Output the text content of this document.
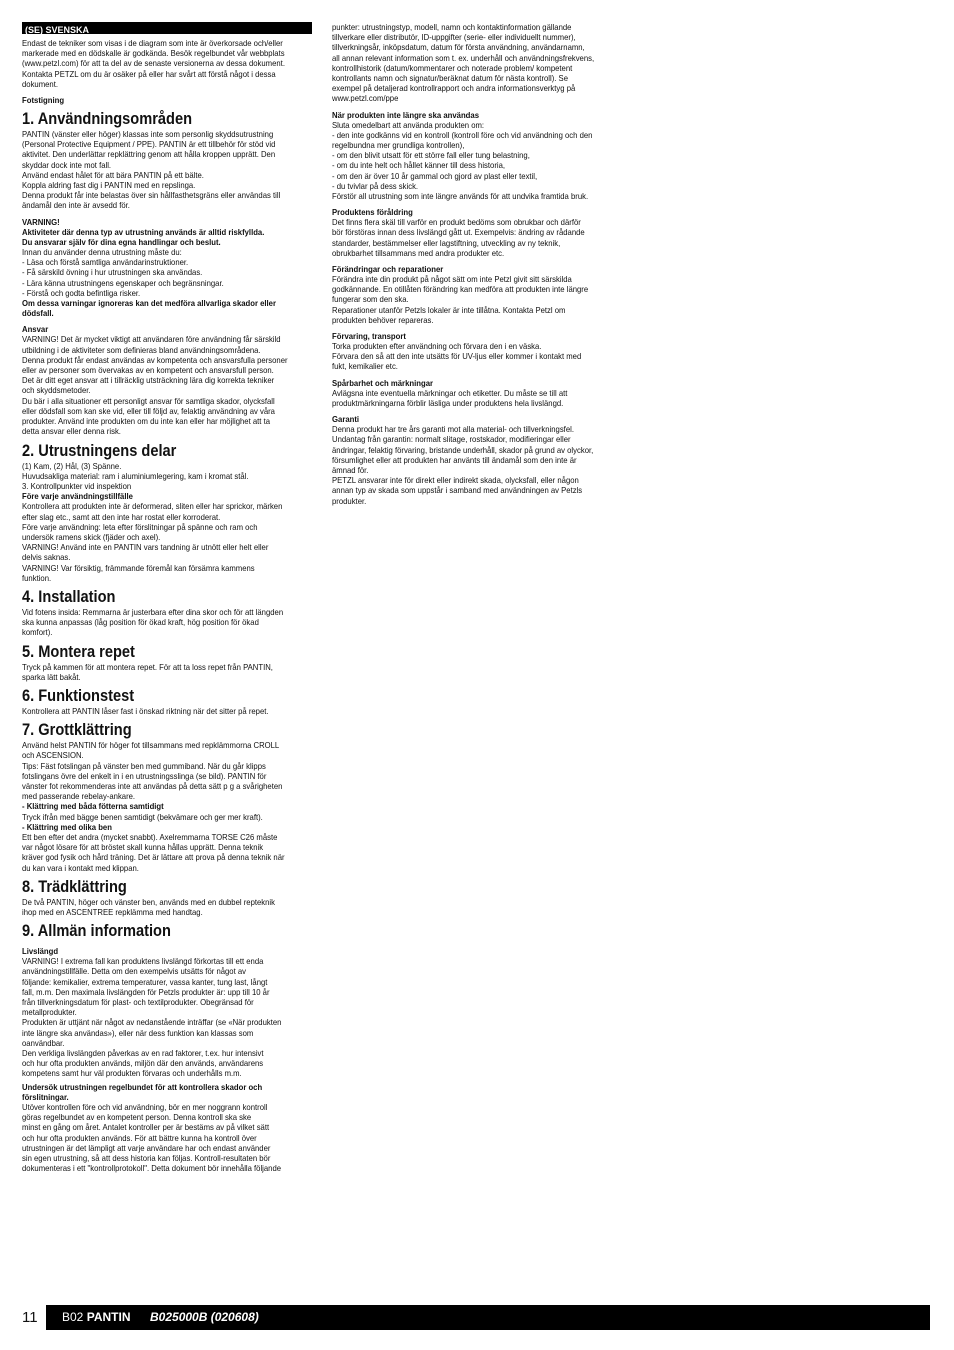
(SE) SVENSKA

Endast de tekniker som visas i de diagram som inte är överkorsade och/eller
markerade med en dödskalle är godkända. Besök regelbundet vår webbplats
(www.petzl.com) för att ta del av de senaste versionerna av dessa dokument.
Kontakta PETZL om du är osäker på eller har svårt att förstå något i dessa
dokument.

Fotstigning
1. Användningsområden

PANTIN (vänster eller höger) klassas inte som personlig skyddsutrustning
(Personal Protective Equipment / PPE). PANTIN är ett tillbehör för stöd vid
aktivitet. Den underlättar repklättring genom att hålla kroppen upprätt. Den
skyddar dock inte mot fall.
Använd endast hålet för att bära PANTIN på ett bälte.
Koppla aldring fast dig i PANTIN med en repslinga.
Denna produkt får inte belastas över sin hållfasthetsgräns eller användas till
ändamål den inte är avsedd för.

VARNING!

Aktiviteter där denna typ av utrustning används är alltid riskfyllda.
Du ansvarar själv för dina egna handlingar och beslut.

Innan du använder denna utrustning måste du:
- Läsa och förstå samtliga användarinstruktioner.
- Få särskild övning i hur utrustningen ska användas.
- Lära känna utrustningens egenskaper och begränsningar.
- Förstå och godta befintliga risker.

Om dessa varningar ignoreras kan det medföra allvarliga skador eller
dödsfall.

Ansvar

VARNING! Det är mycket viktigt att användaren före användning får särskild
utbildning i de aktiviteter som definieras bland användningsområdena.
Denna produkt får endast användas av kompetenta och ansvarsfulla personer
eller av personer som övervakas av en kompetent och ansvarsfull person.
Det är ditt eget ansvar att i tillräcklig utsträckning lära dig korrekta tekniker
och skyddsmetoder.
Du bär i alla situationer ett personligt ansvar för samtliga skador, olycksfall
eller dödsfall som kan ske vid, eller till följd av, felaktig användning av våra
produkter. Använd inte produkten om du inte kan eller har möjlighet att ta
detta ansvar eller denna risk.

2. Utrustningens delar

(1) Kam, (2) Hål, (3) Spänne.
Huvudsakliga material: ram i aluminiumlegering, kam i kromat stål.
3. Kontrollpunkter vid inspektion

Före varje användningstillfälle

Kontrollera att produkten inte är deformerad, sliten eller har sprickor, märken
efter slag etc., samt att den inte har rostat eller korroderat.
Före varje användning: leta efter förslitningar på spänne och ram och
undersök ramens skick (fjäder och axel).
VARNING! Använd inte en PANTIN vars tandning är utnött eller helt eller
delvis saknas.
VARNING! Var försiktig, främmande föremål kan försämra kammens
funktion.

4. Installation

Vid fotens insida: Remmarna är justerbara efter dina skor och för att längden
ska kunna anpassas (låg position för ökad kraft, hög position för ökad
komfort).

5. Montera repet

Tryck på kammen för att montera repet. För att ta loss repet från PANTIN,
sparka lätt bakåt.

6. Funktionstest

Kontrollera att PANTIN låser fast i önskad riktning när det sitter på repet.

7. Grottklättring

Använd helst PANTIN för höger fot tillsammans med repklämmorna CROLL
och ASCENSION.
Tips: Fäst fotslingan på vänster ben med gummiband. När du går klipps
fotslingans övre del enkelt in i en utrustningsslinga (se bild). PANTIN för
vänster fot rekommenderas inte att användas på detta sätt p g a svårigheten
med passerande rebelay-ankare.

- Klättring med båda fötterna samtidigt

Tryck ifrån med bägge benen samtidigt (bekvämare och ger mer kraft).

- Klättring med olika ben

Ett ben efter det andra (mycket snabbt). Axelremmarna TORSE C26 måste
var något lösare för att bröstet skall kunna hållas upprätt. Denna teknik
kräver god fysik och hård träning. Det är lättare att prova på denna teknik när
du kan vara i kontakt med klippan.

8. Trädklättring

De två PANTIN, höger och vänster ben, används med en dubbel repteknik
ihop med en ASCENTREE repklämma med handtag.

9. Allmän information
Livslängd

VARNING! I extrema fall kan produktens livslängd förkortas till ett enda
användningstillfälle. Detta om den exempelvis utsätts för något av
följande: kemikalier, extrema temperaturer, vassa kanter, tung last, långt
fall, m.m. Den maximala livslängden för Petzls produkter är: upp till 10 år
från tillverkningsdatum för plast- och textilprodukter. Obegränsad för
metallprodukter.
Produkten är uttjänt när något av nedanstående inträffar (se «När produkten
inte längre ska användas»), eller när dess funktion kan klassas som
oanvändbar.
Den verkliga livslängden påverkas av en rad faktorer, t.ex. hur intensivt
och hur ofta produkten används, miljön där den används, användarens
kompetens samt hur väl produkten förvaras och underhålls m.m.

Undersök utrustningen regelbundet för att kontrollera skador och
förslitningar.

Utöver kontrollen före och vid användning, bör en mer noggrann kontroll
göras regelbundet av en kompetent person. Denna kontroll ska ske
minst en gång om året. Antalet kontroller per är bestäms av på vilket sätt
och hur ofta produkten används. För att bättre kunna ha kontroll över
utrustningen är det lämpligt att varje användare har och endast använder
sin egen utrustning, så att dess historia kan följas. Kontroll-resultaten bör
dokumenteras i ett "kontrollprotokoll". Detta dokument bör innehålla följande

punkter: utrustningstyp, modell, namn och kontaktinformation gällande
tillverkare eller distributör, ID-uppgifter (serie- eller individuellt nummer),
tillverkningsår, inköpsdatum, datum för första användning, användarnamn,
all annan relevant information som t. ex. underhåll och användningsfrekvens,
kontrollhistorik (datum/kommentarer och noterade problem/ kompetent
kontrollants namn och signatur/beräknat datum för nästa kontroll). Se
exempel på detaljerad kontrollrapport och andra informationsverktyg på
www.petzl.com/ppe

När produkten inte längre ska användas

Sluta omedelbart att använda produkten om:
- den inte godkänns vid en kontroll (kontroll före och vid användning och den
regelbundna mer grundliga kontrollen),
- om den blivit utsatt för ett större fall eller tung belastning,
- om du inte helt och hållet känner till dess historia,
- om den är över 10 år gammal och gjord av plast eller textil,
- du tvivlar på dess skick.
Förstör all utrustning som inte längre används för att undvika framtida bruk.

Produktens föråldring

Det finns flera skäl till varför en produkt bedöms som obrukbar och därför
bör förstöras innan dess livslängd gått ut. Exempelvis: ändring av rådande
standarder, bestämmelser eller lagstiftning, utveckling av ny teknik,
obrukbarhet tillsammans med andra produkter etc.

Förändringar och reparationer

Förändra inte din produkt på något sätt om inte Petzl givit sitt särskilda
godkännande. En otillåten förändring kan medföra att produkten inte längre
fungerar som den ska.
Reparationer utanför Petzls lokaler är inte tillåtna. Kontakta Petzl om
produkten behöver repareras.

Förvaring, transport

Torka produkten efter användning och förvara den i en väska.
Förvara den så att den inte utsätts för UV-ljus eller kommer i kontakt med
fukt, kemikalier etc.

Spårbarhet och märkningar

Avlägsna inte eventuella märkningar och etiketter. Du måste se till att
produktmärkningarna förblir läsliga under produktens hela livslängd.

Garanti

Denna produkt har tre års garanti mot alla material- och tillverkningsfel.
Undantag från garantin: normalt slitage, rostskador, modifieringar eller
ändringar, felaktig förvaring, bristande underhåll, skador på grund av olyckor,
försumlighet eller att produkten har använts till ändamål som den inte är
ämnad för.
PETZL ansvarar inte för direkt eller indirekt skada, olycksfall, eller någon
annan typ av skada som uppstår i samband med användningen av Petzls
produkter.

11 B02 PANTIN B025000B (020608)
